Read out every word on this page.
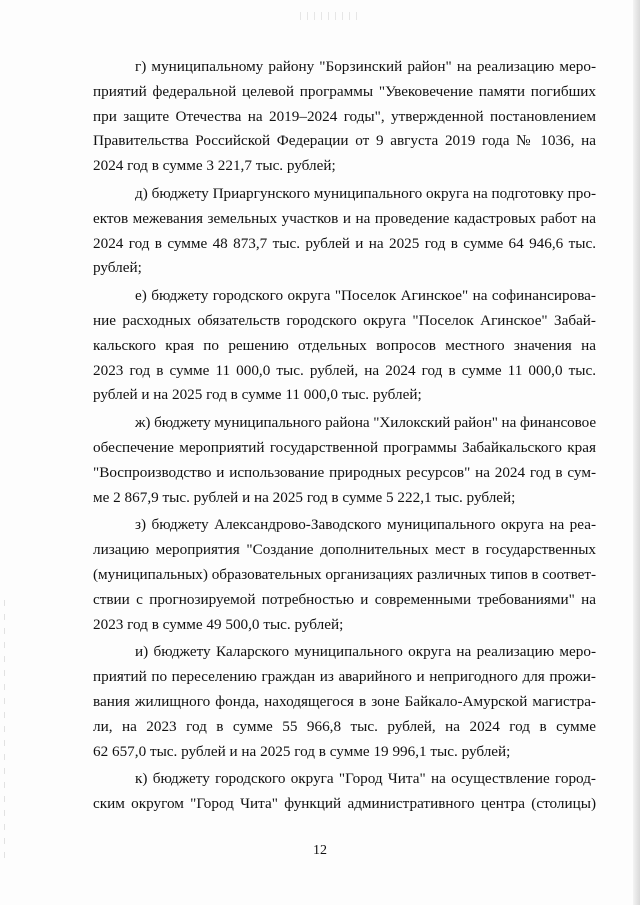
г) муниципальному району "Борзинский район" на реализацию меро-
приятий федеральной целевой программы "Увековечение памяти погибших
при защите Отечества на 2019–2024 годы", утвержденной постановлением
Правительства Российской Федерации от 9 августа 2019 года № 1036, на
2024 год в сумме 3 221,7 тыс. рублей;

д) бюджету Приаргунского муниципального округа на подготовку про-
ектов межевания земельных участков и на проведение кадастровых работ на
2024 год в сумме 48 873,7 тыс. рублей и на 2025 год в сумме 64 946,6 тыс.
рублей;

е) бюджету городского округа "Поселок Агинское" на софинансирова-
ние расходных обязательств городского округа "Поселок Агинское" Забай-
кальского края по решению отдельных вопросов местного значения на
2023 год в сумме 11 000,0 тыс. рублей, на 2024 год в сумме 11 000,0 тыс.
рублей и на 2025 год в сумме 11 000,0 тыс. рублей;

ж) бюджету муниципального района "Хилокский район" на финансовое
обеспечение мероприятий государственной программы Забайкальского края
"Воспроизводство и использование природных ресурсов" на 2024 год в сум-
ме 2 867,9 тыс. рублей и на 2025 год в сумме 5 222,1 тыс. рублей;

з) бюджету Александрово-Заводского муниципального округа на реа-
лизацию мероприятия "Создание дополнительных мест в государственных
(муниципальных) образовательных организациях различных типов в соответ-
ствии с прогнозируемой потребностью и современными требованиями" на
2023 год в сумме 49 500,0 тыс. рублей;

и) бюджету Каларского муниципального округа на реализацию меро-
приятий по переселению граждан из аварийного и непригодного для прожи-
вания жилищного фонда, находящегося в зоне Байкало-Амурской магистра-
ли, на 2023 год в сумме 55 966,8 тыс. рублей, на 2024 год в сумме
62 657,0 тыс. рублей и на 2025 год в сумме 19 996,1 тыс. рублей;

к) бюджету городского округа "Город Чита" на осуществление город-
ским округом "Город Чита" функций административного центра (столицы)

12
